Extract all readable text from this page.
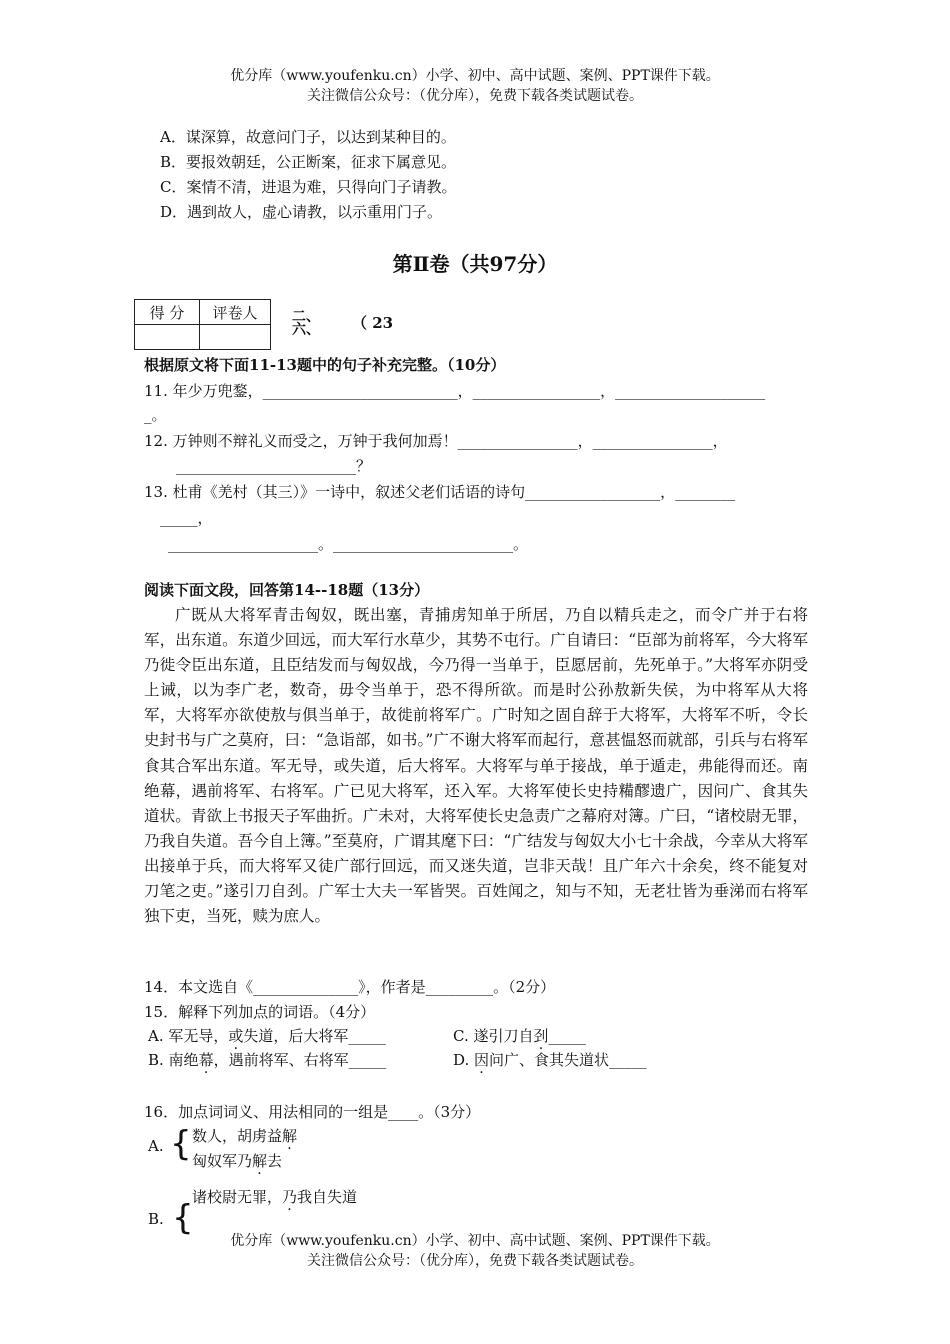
优分库（www.youfenku.cn）小学、初中、高中试题、案例、PPT课件下载。
关注微信公众号：（优分库），免费下载各类试题试卷。
A．谋深算，故意问门子，以达到某种目的。
B．要报效朝廷，公正断案，征求下属意见。
C．案情不清，进退为难，只得向门子请教。
D．遇到故人，虚心请教，以示重用门子。
第Ⅱ卷（共97分）
得 分	评卷人
	二、
六、 （ 23
根据原文将下面11-13题中的句子补充完整。（10分）
11. 年少万兜鍪，__________________________，_________________，____________________
_。
12. 万钟则不辩礼义而受之，万钟于我何加焉！________________，________________，
________________________？
13. 杜甫《羌村（其三）》一诗中，叙述父老们话语的诗句__________________，________
_____，
____________________。________________________。
阅读下面文段，回答第14--18题（13分）

广既从大将军青击匈奴，既出塞，青捕虏知单于所居，乃自以精兵走之，而令广并于右将军，出东道。东道少回远，而大军行水草少，其势不屯行。广自请曰：“臣部为前将军，今大将军乃徙令臣出东道，且臣结发而与匈奴战，今乃得一当单于，臣愿居前，先死单于。”大将军亦阴受上诫，以为李广老，数奇，毋令当单于，恐不得所欲。而是时公孙敖新失侯，为中将军从大将军，大将军亦欲使敖与俱当单于，故徙前将军广。广时知之固自辞于大将军，大将军不听，令长史封书与广之莫府，曰：“急诣部，如书。”广不谢大将军而起行，意甚愠怒而就部，引兵与右将军食其合军出东道。军无导，或失道，后大将军。大将军与单于接战，单于遁走，弗能得而还。南绝幕，遇前将军、右将军。广已见大将军，还入军。大将军使长史持糒醪遗广，因问广、食其失道状。青欲上书报天子军曲折。广未对，大将军使长史急责广之幕府对簿。广曰，“诸校尉无罪，乃我自失道。吾今自上簿。”至莫府，广谓其麾下曰：“广结发与匈奴大小七十余战，今幸从大将军出接单于兵，而大将军又徒广部行回远，而又迷失道，岂非天哉！且广年六十余矣，终不能复对刀笔之吏。”遂引刀自刭。广军士大夫一军皆哭。百姓闻之，知与不知，无老壮皆为垂涕而右将军独下吏，当死，赎为庶人。

14．本文选自《______________》，作者是_________。（2分）
15．解释下列加点的词语。（4分）
A. 军无导，或失道，后大将军_____	C. 遂引刀自刭_____
B. 南绝幕，遇前将军、右将军_____	D. 因问广、食其失道状_____
16．加点词词义、用法相同的一组是____。（3分）
A. { 数人，胡虏益解
匈奴军乃解去
诸校尉无罪，乃我自失道
B. {
优分库（www.youfenku.cn）小学、初中、高中试题、案例、PPT课件下载。
关注微信公众号：（优分库），免费下载各类试题试卷。
